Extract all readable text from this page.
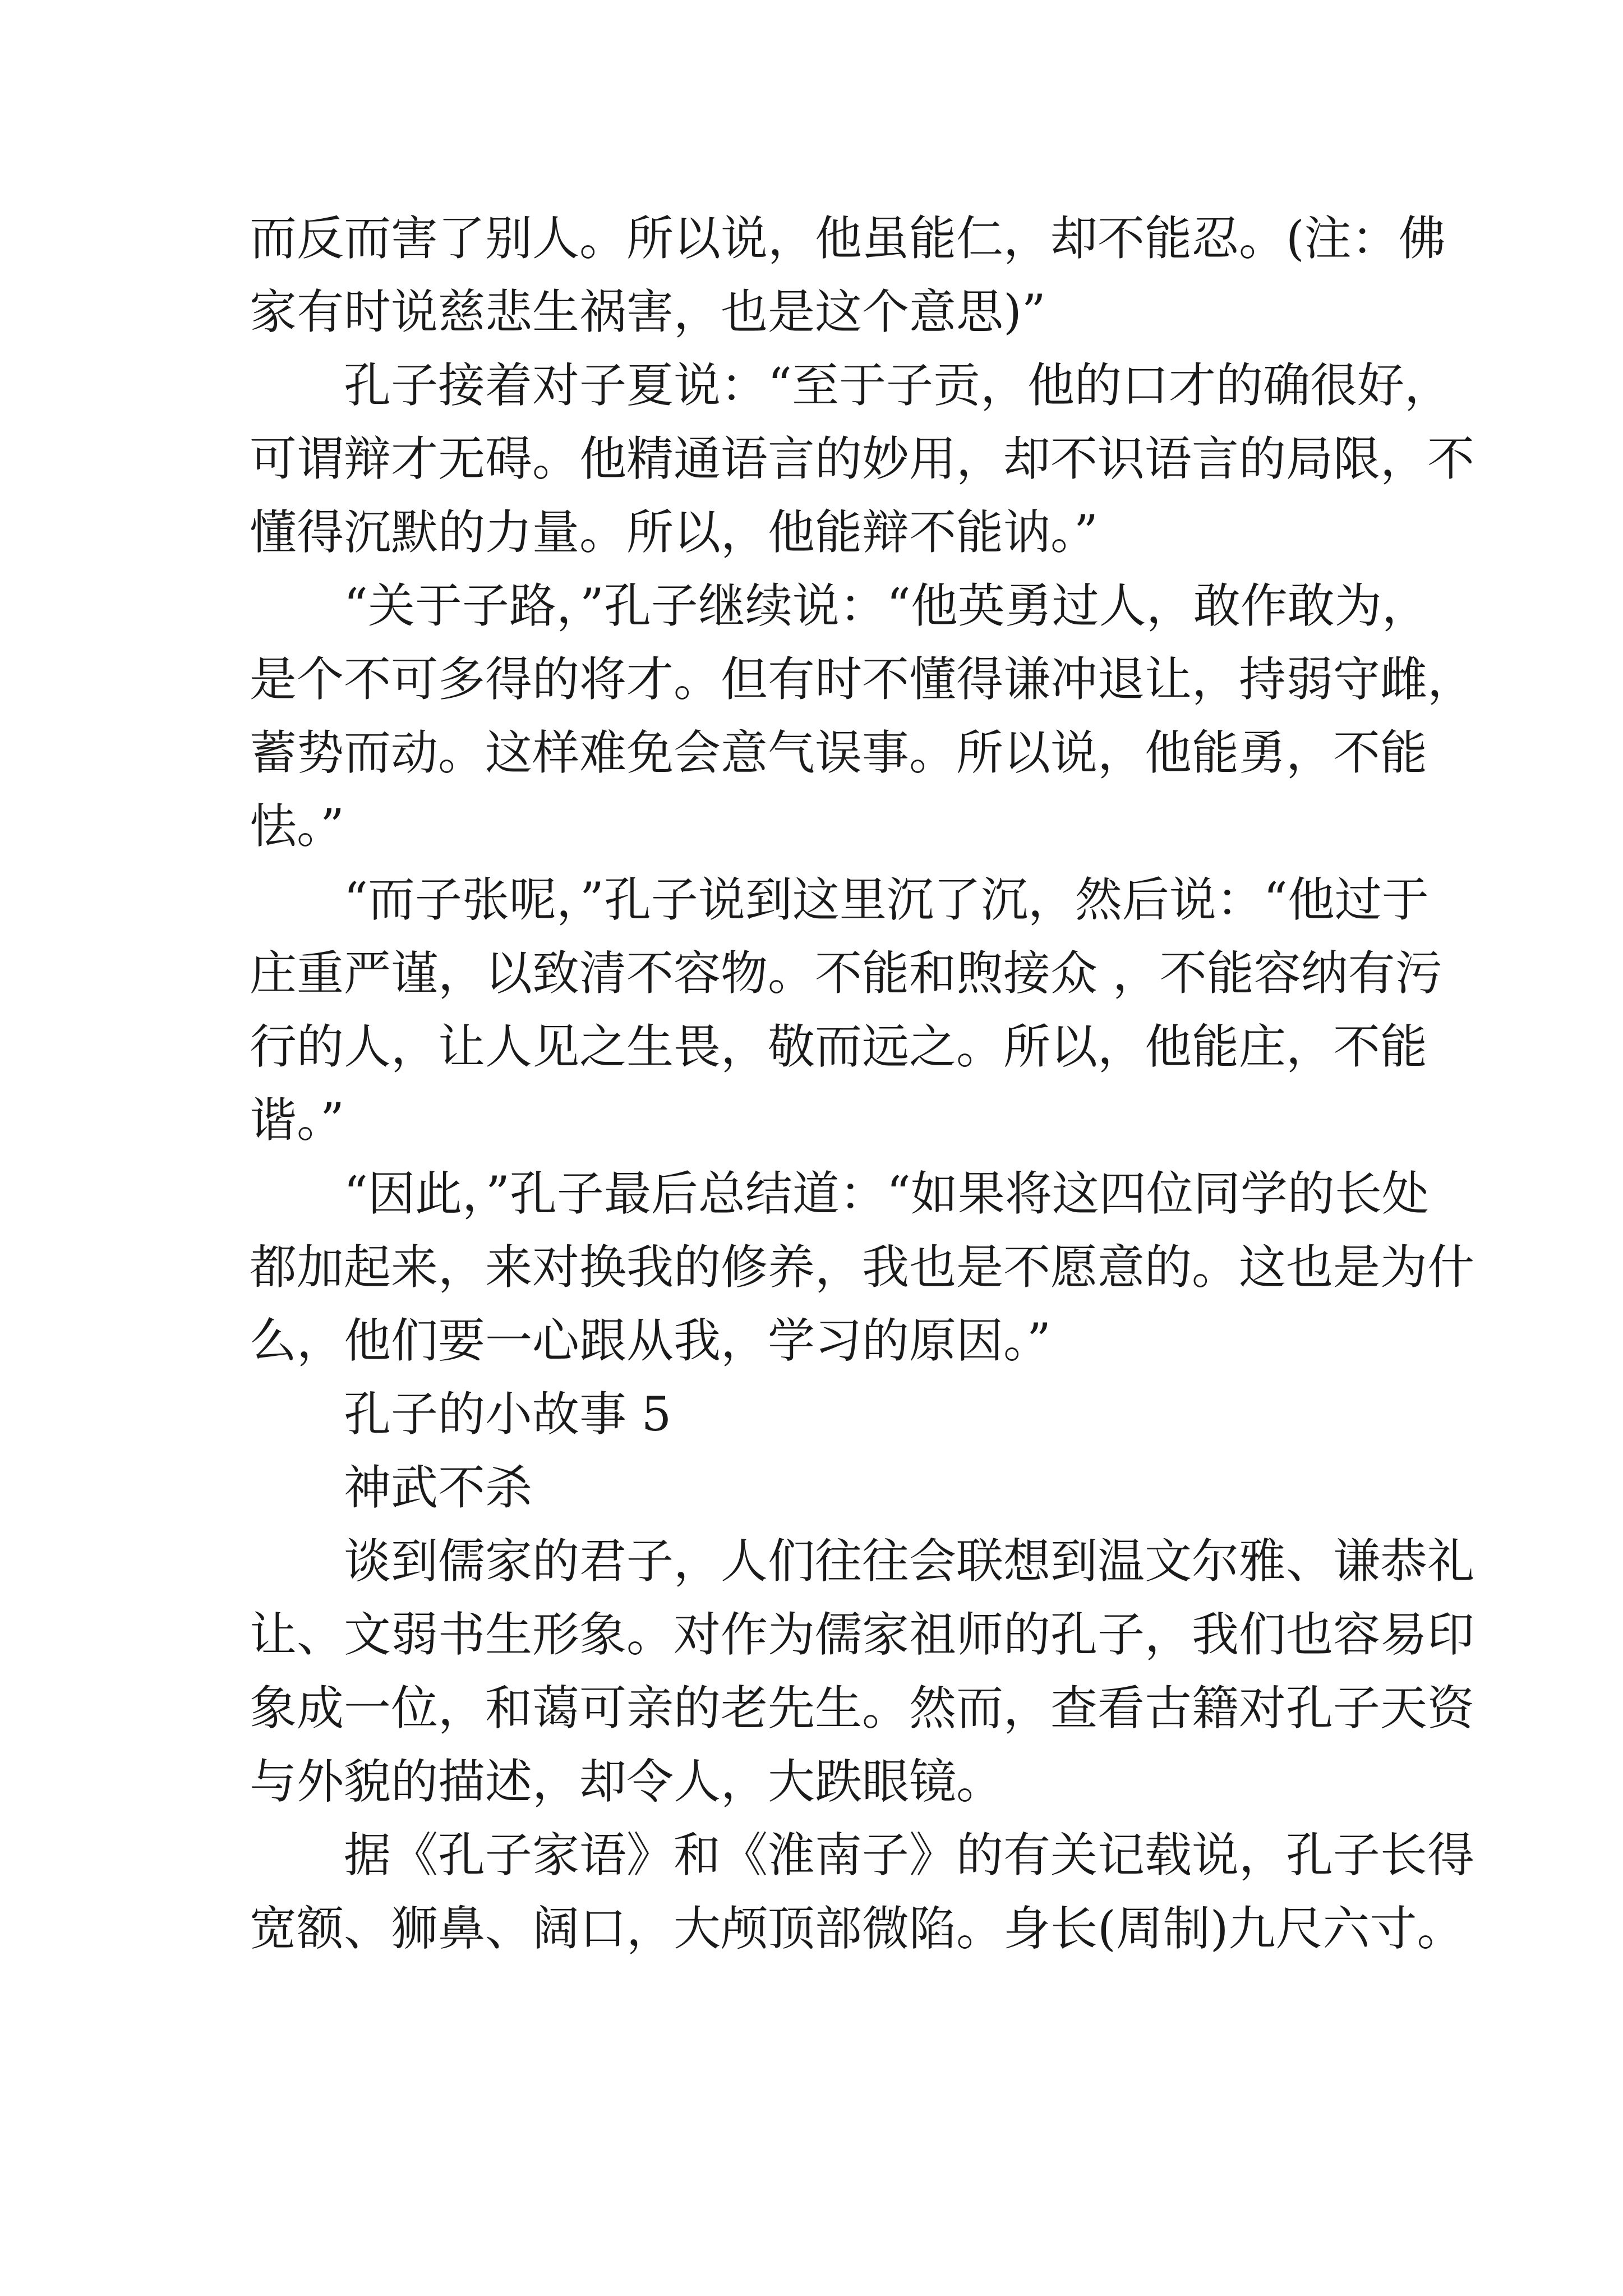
而反而害了别人。所以说，他虽能仁，却不能忍。(注：佛
家有时说慈悲生祸害，也是这个意思)”
孔子接着对子夏说：“至于子贡，他的口才的确很好，
可谓辩才无碍。他精通语言的妙用，却不识语言的局限，不
懂得沉默的力量。所以，他能辩不能讷。”
“关于子路，”孔子继续说：“他英勇过人，敢作敢为，
是个不可多得的将才。但有时不懂得谦冲退让，持弱守雌，
蓄势而动。这样难免会意气误事。所以说，他能勇，不能
怯。”
“而子张呢，”孔子说到这里沉了沉，然后说：“他过于
庄重严谨，以致清不容物。不能和煦接众 ，不能容纳有污
行的人，让人见之生畏，敬而远之。所以，他能庄，不能
谐。”
“因此，”孔子最后总结道：“如果将这四位同学的长处
都加起来，来对换我的修养，我也是不愿意的。这也是为什
么，他们要一心跟从我，学习的原因。”
孔子的小故事 5
神武不杀
谈到儒家的君子，人们往往会联想到温文尔雅、谦恭礼
让、文弱书生形象。对作为儒家祖师的孔子，我们也容易印
象成一位，和蔼可亲的老先生。然而，查看古籍对孔子天资
与外貌的描述，却令人，大跌眼镜。
据《孔子家语》和《淮南子》的有关记载说，孔子长得
宽额、狮鼻、阔口，大颅顶部微陷。身长(周制)九尺六寸。
